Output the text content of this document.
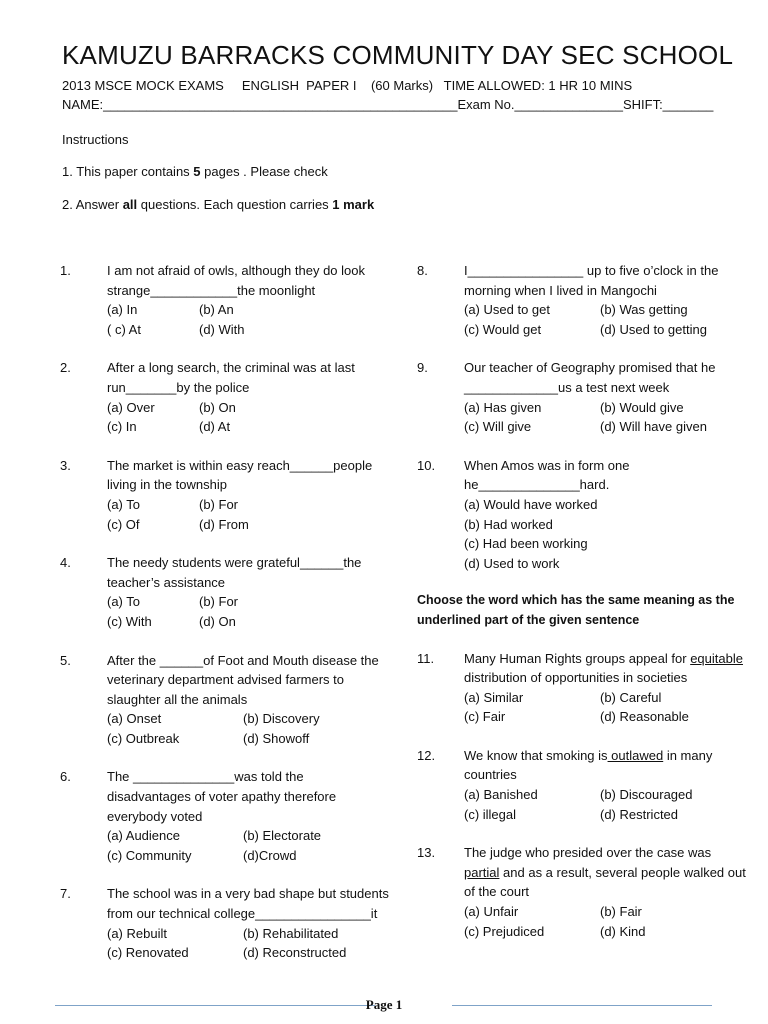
KAMUZU BARRACKS COMMUNITY DAY SEC SCHOOL
2013 MSCE MOCK EXAMS     ENGLISH  PAPER I    (60 Marks)   TIME ALLOWED: 1 HR 10 MINS
NAME:_________________________________________________Exam No._______________SHIFT:_______
Instructions
1. This paper contains 5 pages . Please check
2. Answer all questions. Each question carries 1 mark
1.	I am not afraid of owls, although they do look strange____________the moonlight
(a) In	(b) An
( c) At	(d) With
2.	After a long search, the criminal was at last run_______by the police
(a) Over	(b) On
(c) In	(d) At
3.	The market is within easy reach______people living in the township
(a) To	(b) For
(c) Of	(d) From
4.	The needy students were grateful______the teacher’s assistance
(a) To	(b) For
(c) With	(d) On
5.	After the ______of Foot and Mouth disease the veterinary department advised farmers to slaughter all the animals
(a) Onset	(b) Discovery
(c) Outbreak	(d) Showoff
6.	The ______________was told the disadvantages of voter apathy therefore everybody voted
(a) Audience	(b) Electorate
(c) Community	(d)Crowd
7.	The school was in a very bad shape but students from our technical college________________it
(a) Rebuilt	(b) Rehabilitated
(c) Renovated	(d) Reconstructed
8.	I________________ up to five o’clock in the morning when I lived in Mangochi
(a) Used to get	(b) Was getting
(c) Would get	(d) Used to getting
9.	Our teacher of Geography promised that he _____________us a test next week
(a) Has given	(b) Would give
(c) Will give	(d) Will have given
10. When Amos was in form one he______________hard.
(a) Would have worked
(b) Had worked
(c) Had been working
(d) Used to work
Choose the word which has the same meaning as the underlined part of the given sentence
11. Many Human Rights groups appeal for equitable distribution of opportunities in societies
(a) Similar	(b) Careful
(c) Fair	(d) Reasonable
12. We know that smoking is outlawed in many countries
(a) Banished	(b) Discouraged
(c) illegal	(d) Restricted
13. The judge who presided over the case was partial and as a result, several people walked out of the court
(a) Unfair	(b) Fair
(c) Prejudiced	(d) Kind
Page 1
